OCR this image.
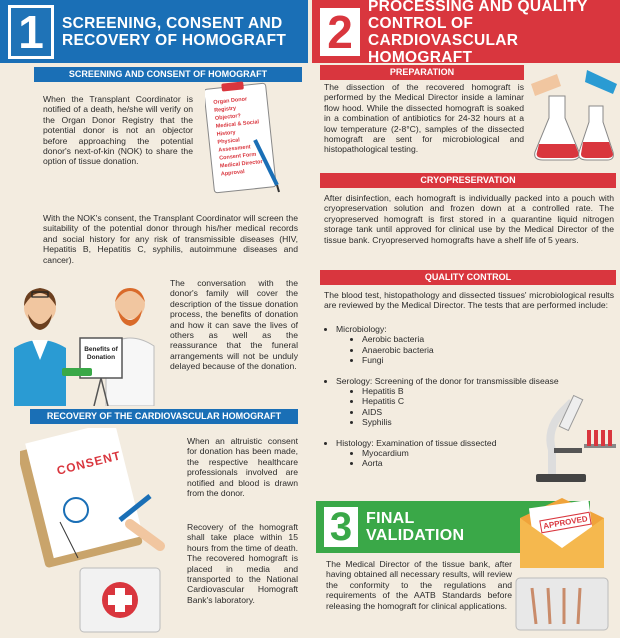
1	SCREENING, CONSENT AND RECOVERY OF HOMOGRAFT
SCREENING AND CONSENT OF HOMOGRAFT
When the Transplant Coordinator is notified of a death, he/she will verify on the Organ Donor Registry that the potential donor is not an objector before approaching the potential donor's next-of-kin (NOK) to share the option of tissue donation.
Organ Donor Registry
Objector?
Medical & Social History
Physical Assessment
Consent Form
Medical Director Approval
With the NOK's consent, the Transplant Coordinator will screen the suitability of the potential donor through his/her medical records and social history for any risk of transmissible diseases (HIV, Hepatitis B, Hepatitis C, syphilis, autoimmune diseases and cancer).
Benefits of Donation
The conversation with the donor's family will cover the description of the tissue donation process, the benefits of donation and how it can save the lives of others as well as the reassurance that the funeral arrangements will not be unduly delayed because of the donation.
RECOVERY OF THE CARDIOVASCULAR HOMOGRAFT
CONSENT
When an altruistic consent for donation has been made, the respective healthcare professionals involved are notified and blood is drawn from the donor.
Recovery of the homograft shall take place within 15 hours from the time of death. The recovered homograft is placed in media and transported to the National Cardiovascular Homograft Bank's laboratory.
2 PROCESSING AND QUALITY CONTROL OF CARDIOVASCULAR HOMOGRAFT
PREPARATION
The dissection of the recovered homograft is performed by the Medical Director inside a laminar flow hood. While the dissected homograft is soaked in a combination of antibiotics for 24-32 hours at a low temperature (2-8°C), samples of the dissected homograft are sent for microbiological and histopathological testing.
CRYOPRESERVATION
After disinfection, each homograft is individually packed into a pouch with cryopreservation solution and frozen down at a controlled rate. The cryopreserved homograft is first stored in a quarantine liquid nitrogen storage tank until approved for clinical use by the Medical Director of the tissue bank. Cryopreserved homografts have a shelf life of 5 years.
QUALITY CONTROL
The blood test, histopathology and dissected tissues' microbiological results are reviewed by the Medical Director. The tests that are performed include:
• Microbiology:
• Aerobic bacteria
• Anaerobic bacteria
• Fungi
• Serology: Screening of the donor for transmissible disease
• Hepatitis B
• Hepatitis C
• AIDS
• Syphilis
• Histology: Examination of tissue dissected
• Myocardium
• Aorta
3 FINAL VALIDATION
APPROVED
The Medical Director of the tissue bank, after having obtained all necessary results, will review the conformity to the regulations and requirements of the AATB Standards before releasing the homograft for clinical applications.
